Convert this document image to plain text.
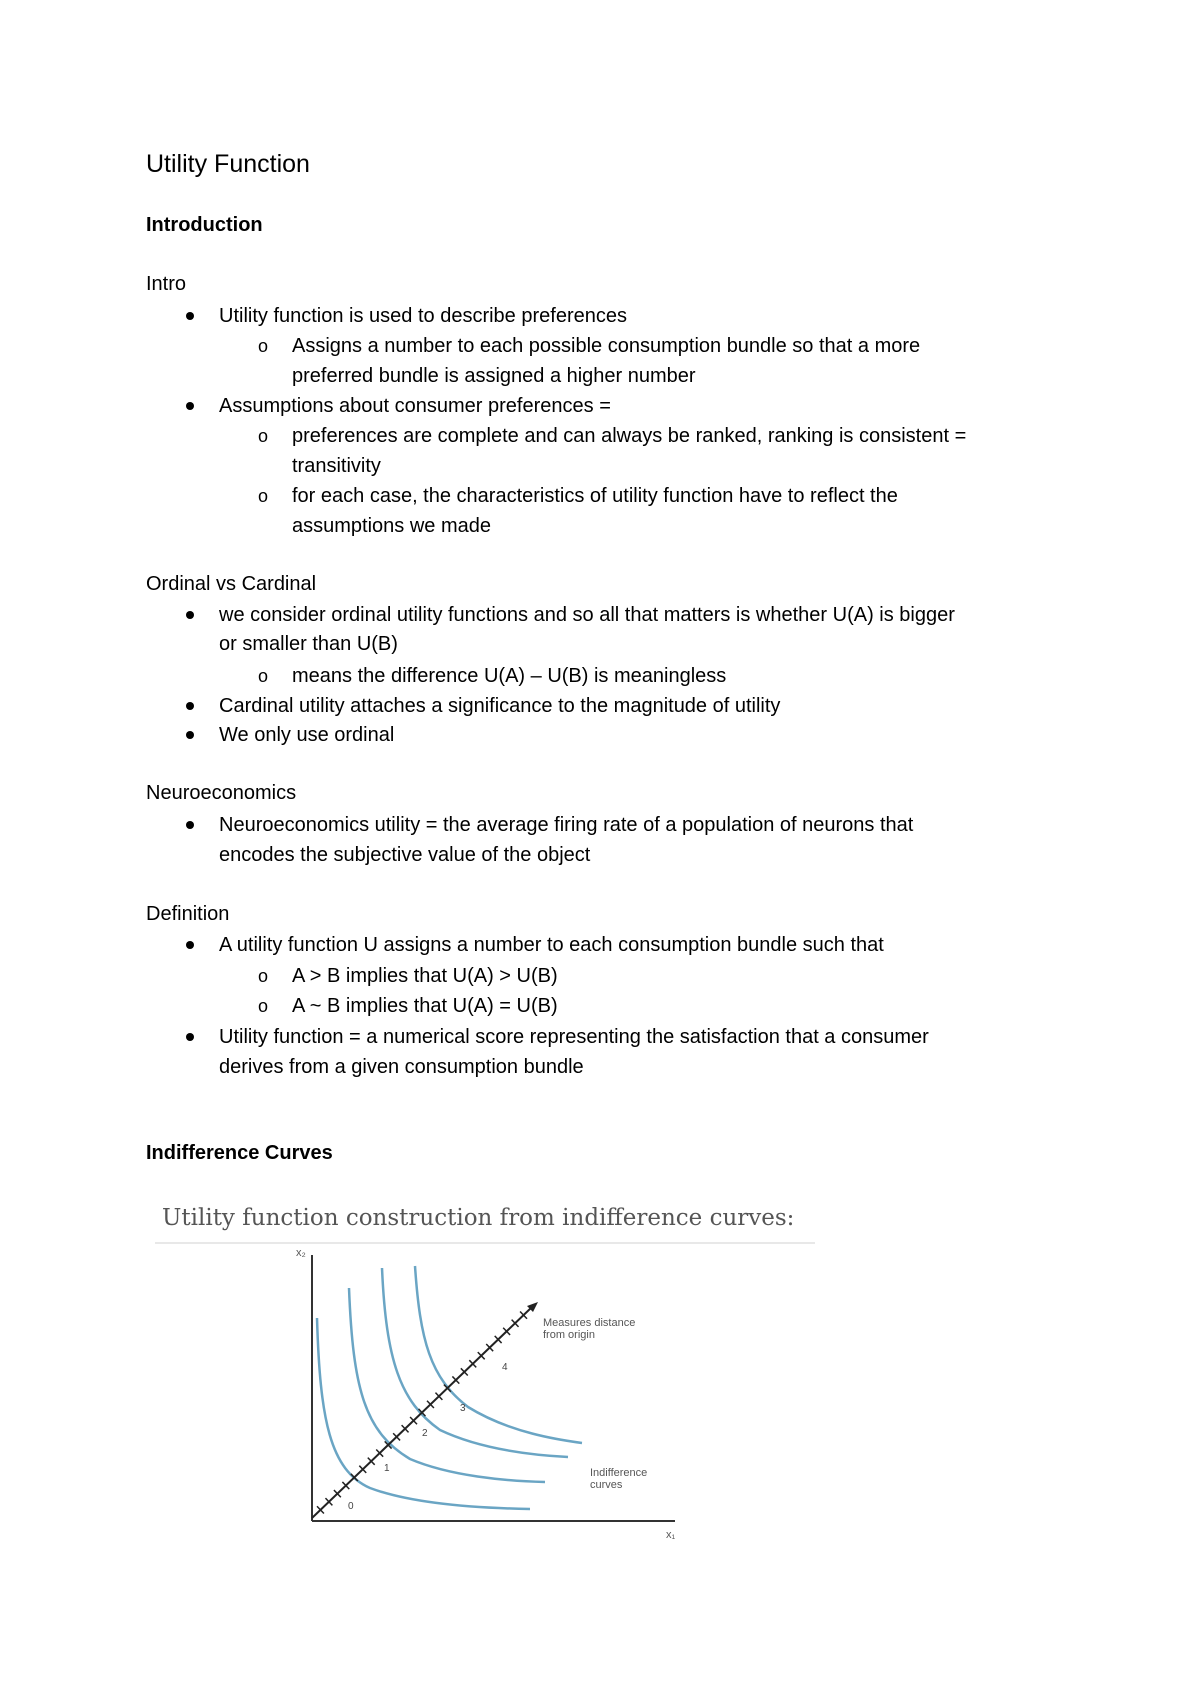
Utility Function
Introduction
Intro
Utility function is used to describe preferences
o Assigns a number to each possible consumption bundle so that a more
preferred bundle is assigned a higher number
Assumptions about consumer preferences =
o preferences are complete and can always be ranked, ranking is consistent =
transitivity
o for each case, the characteristics of utility function have to reflect the
assumptions we made
Ordinal vs Cardinal
we consider ordinal utility functions and so all that matters is whether U(A) is bigger
or smaller than U(B)
o means the difference U(A) – U(B) is meaningless
Cardinal utility attaches a significance to the magnitude of utility
We only use ordinal
Neuroeconomics
Neuroeconomics utility = the average firing rate of a population of neurons that
encodes the subjective value of the object
Definition
A utility function U assigns a number to each consumption bundle such that
o A > B implies that U(A) > U(B)
o A ~ B implies that U(A) = U(B)
Utility function = a numerical score representing the satisfaction that a consumer
derives from a given consumption bundle
Indifference Curves
Utility function construction from indifference curves:
x₂
x₁
0
1
2
3
4
Measures distance
from origin
Indifference
curves
